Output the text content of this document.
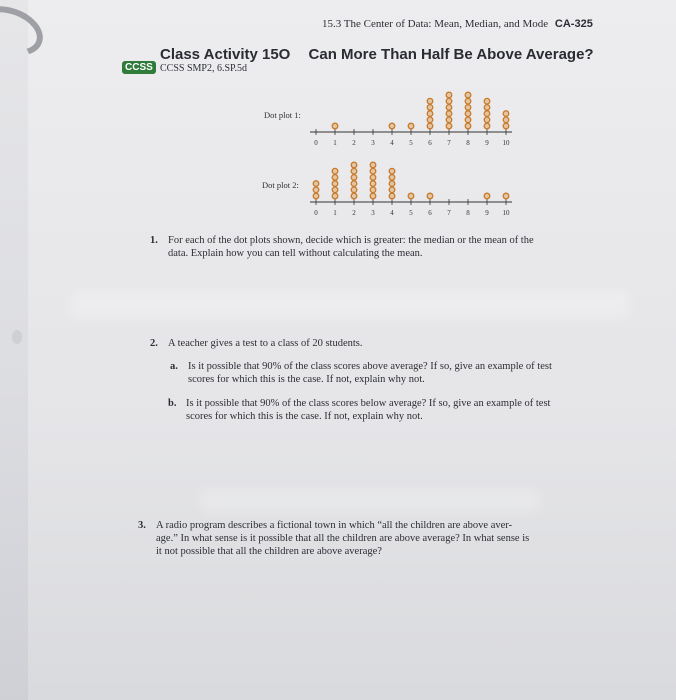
15.3 The Center of Data: Mean, Median, and Mode CA-325
Class Activity 15O Can More Than Half Be Above Average?
CCSS CCSS SMP2, 6.SP.5d
Dot plot 1:
0 1 2 3 4 5 6 7 8 9 10
Dot plot 2:
0 1 2 3 4 5 6 7 8 9 10
1. For each of the dot plots shown, decide which is greater: the median or the mean of the
data. Explain how you can tell without calculating the mean.
2. A teacher gives a test to a class of 20 students.
a. Is it possible that 90% of the class scores above average? If so, give an example of test
scores for which this is the case. If not, explain why not.
b. Is it possible that 90% of the class scores below average? If so, give an example of test
scores for which this is the case. If not, explain why not.
3. A radio program describes a fictional town in which “all the children are above aver-
age.” In what sense is it possible that all the children are above average? In what sense is
it not possible that all the children are above average?
